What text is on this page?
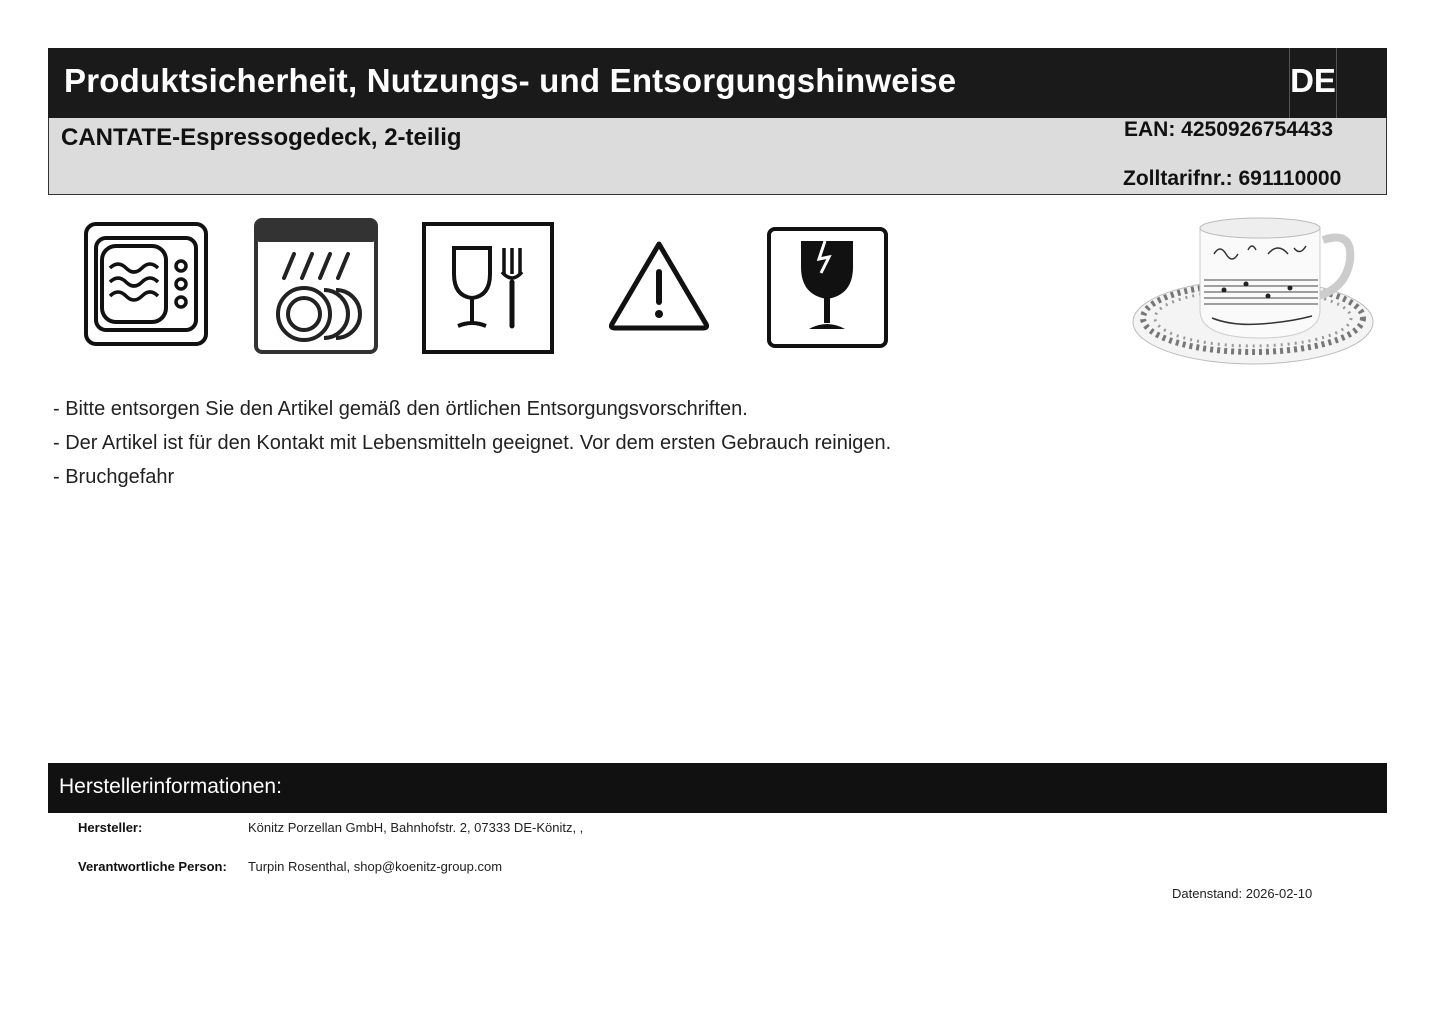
Produktsicherheit, Nutzungs- und Entsorgungshinweise	DE
CANTATE-Espressogedeck, 2-teilig	EAN: 4250926754433
Zolltarifnr.: 691110000
- Bitte entsorgen Sie den Artikel gemäß den örtlichen Entsorgungsvorschriften.
- Der Artikel ist für den Kontakt mit Lebensmitteln geeignet. Vor dem ersten Gebrauch reinigen.
- Bruchgefahr
Herstellerinformationen:
Hersteller:	Könitz Porzellan GmbH, Bahnhofstr. 2, 07333 DE-Könitz, ,
Verantwortliche Person: Turpin Rosenthal, shop@koenitz-group.com
Datenstand: 2026-02-10
